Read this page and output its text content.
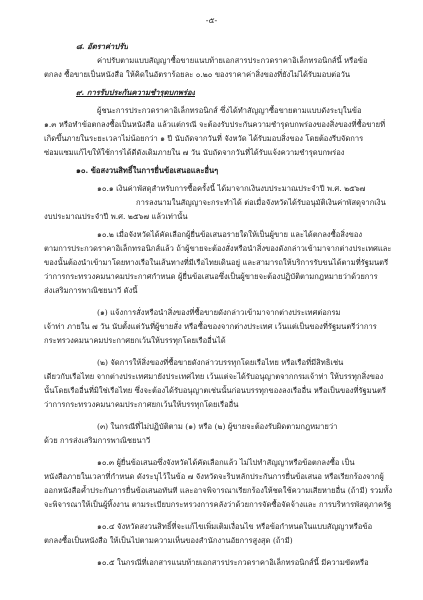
-๕-
๘. อัตราค่าปรับ
ค่าปรับตามแบบสัญญาซื้อขายแนบท้ายเอกสารประกวดราคาอิเล็กทรอนิกส์นี้ หรือข้อ
ตกลง ซื้อขายเป็นหนังสือ ให้คิดในอัตราร้อยละ ๐.๒๐ ของราคาค่าสิ่งของที่ยังไม่ได้รับมอบต่อวัน
๙. การรับประกันความชำรุดบกพร่อง
ผู้ชนะการประกวดราคาอิเล็กทรอนิกส์ ซึ่งได้ทำสัญญาซื้อขายตามแบบดังระบุในข้อ
๑.๓ หรือทำข้อตกลงซื้อเป็นหนังสือ แล้วแต่กรณี จะต้องรับประกันความชำรุดบกพร่องของสิ่งของที่ซื้อขายที่
เกิดขึ้นภายในระยะเวลาไม่น้อยกว่า ๑ ปี นับถัดจากวันที่ จังหวัด ได้รับมอบสิ่งของ โดยต้องรีบจัดการ
ซ่อมแซมแก้ไขให้ใช้การได้ดีดังเดิมภายใน ๗ วัน นับถัดจากวันที่ได้รับแจ้งความชำรุดบกพร่อง
๑๐. ข้อสงวนสิทธิ์ในการยื่นข้อเสนอและอื่นๆ
๑๐.๑ เงินค่าพัสดุสำหรับการซื้อครั้งนี้ ได้มาจากเงินงบประมาณประจำปี พ.ศ. ๒๕๖๗
การลงนามในสัญญาจะกระทำได้ ต่อเมื่อจังหวัดได้รับอนุมัติเงินค่าพัสดุจากเงิน
งบประมาณประจำปี พ.ศ. ๒๕๖๗ แล้วเท่านั้น
๑๐.๒ เมื่อจังหวัดได้คัดเลือกผู้ยื่นข้อเสนอรายใดให้เป็นผู้ขาย และได้ตกลงซื้อสิ่งของ
ตามการประกวดราคาอิเล็กทรอนิกส์แล้ว ถ้าผู้ขายจะต้องสั่งหรือนำสิ่งของดังกล่าวเข้ามาจากต่างประเทศและ
ของนั้นต้องนำเข้ามาโดยทางเรือในเส้นทางที่มีเรือไทยเดินอยู่ และสามารถให้บริการรับขนได้ตามที่รัฐมนตรี
ว่าการกระทรวงคมนาคมประกาศกำหนด ผู้ยื่นข้อเสนอซึ่งเป็นผู้ขายจะต้องปฏิบัติตามกฎหมายว่าด้วยการ
ส่งเสริมการพาณิชยนาวี ดังนี้
(๑) แจ้งการสั่งหรือนำสิ่งของที่ซื้อขายดังกล่าวเข้ามาจากต่างประเทศต่อกรม
เจ้าท่า ภายใน ๗ วัน นับตั้งแต่วันที่ผู้ขายสั่ง หรือซื้อของจากต่างประเทศ เว้นแต่เป็นของที่รัฐมนตรีว่าการ
กระทรวงคมนาคมประกาศยกเว้นให้บรรทุกโดยเรืออื่นได้
(๒) จัดการให้สิ่งของที่ซื้อขายดังกล่าวบรรทุกโดยเรือไทย หรือเรือที่มีสิทธิเช่น
เดียวกับเรือไทย จากต่างประเทศมายังประเทศไทย เว้นแต่จะได้รับอนุญาตจากกรมเจ้าท่า ให้บรรทุกสิ่งของ
นั้นโดยเรืออื่นที่มิใช่เรือไทย ซึ่งจะต้องได้รับอนุญาตเช่นนั้นก่อนบรรทุกของลงเรืออื่น หรือเป็นของที่รัฐมนตรี
ว่าการกระทรวงคมนาคมประกาศยกเว้นให้บรรทุกโดยเรืออื่น
(๓) ในกรณีที่ไม่ปฏิบัติตาม (๑) หรือ (๒) ผู้ขายจะต้องรับผิดตามกฎหมายว่า
ด้วย การส่งเสริมการพาณิชยนาวี
๑๐.๓ ผู้ยื่นข้อเสนอซึ่งจังหวัดได้คัดเลือกแล้ว ไม่ไปทำสัญญาหรือข้อตกลงซื้อ เป็น
หนังสือภายในเวลาที่กำหนด ดังระบุไว้ในข้อ ๗ จังหวัดจะริบหลักประกันการยื่นข้อเสนอ หรือเรียกร้องจากผู้
ออกหนังสือค้ำประกันการยื่นข้อเสนอทันที และอาจพิจารณาเรียกร้องให้ชดใช้ความเสียหายอื่น (ถ้ามี) รวมทั้ง
จะพิจารณาให้เป็นผู้ทิ้งงาน ตามระเบียบกระทรวงการคลังว่าด้วยการจัดซื้อจัดจ้างและ การบริหารพัสดุภาครัฐ
๑๐.๔ จังหวัดสงวนสิทธิ์ที่จะแก้ไขเพิ่มเติมเงื่อนไข หรือข้อกำหนดในแบบสัญญาหรือข้อ
ตกลงซื้อเป็นหนังสือ ให้เป็นไปตามความเห็นของสำนักงานอัยการสูงสุด (ถ้ามี)
๑๐.๕ ในกรณีที่เอกสารแนบท้ายเอกสารประกวดราคาอิเล็กทรอนิกส์นี้ มีความขัดหรือ
